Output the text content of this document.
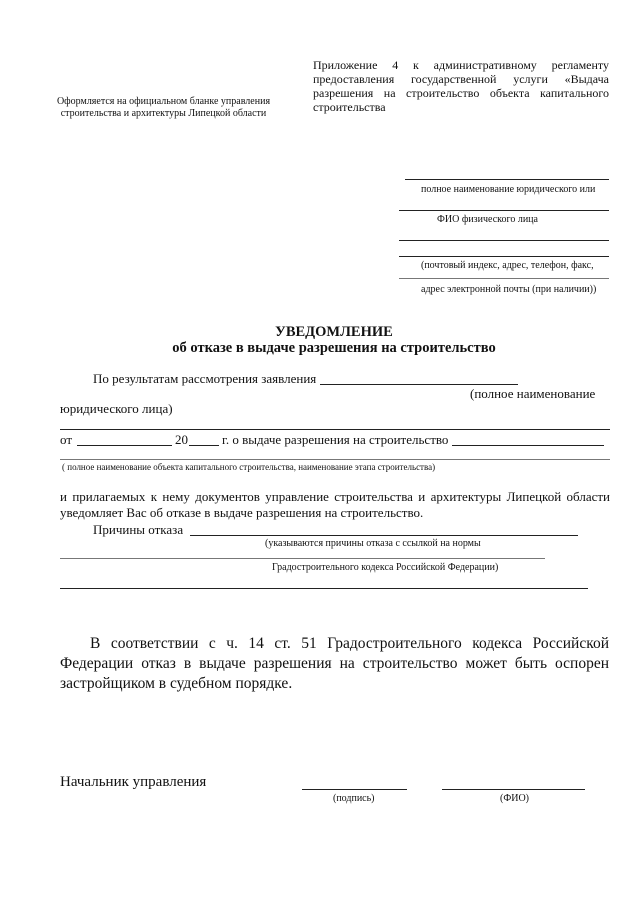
Оформляется на официальном бланке управления строительства и архитектуры Липецкой области
Приложение 4 к административному регламенту предоставления государственной услуги «Выдача разрешения на строительство объекта капитального строительства
полное наименование юридического или
ФИО физического лица
(почтовый индекс, адрес, телефон, факс,
адрес электронной почты (при наличии))
УВЕДОМЛЕНИЕ
об отказе в выдаче разрешения на строительство
По результатам рассмотрения заявления
(полное наименование
юридического лица)
от	20	г. о выдаче разрешения на строительство
( полное наименование объекта капитального строительства, наименование этапа строительства)
и прилагаемых к нему документов управление строительства и архитектуры Липецкой области уведомляет Вас об отказе в выдаче разрешения на строительство.
Причины отказа
(указываются причины отказа с ссылкой на нормы
Градостроительного кодекса Российской Федерации)
В соответствии с ч. 14 ст. 51 Градостроительного кодекса Российской Федерации отказ в выдаче разрешения на строительство может быть оспорен застройщиком в судебном порядке.
Начальник управления
(подпись)	(ФИО)
